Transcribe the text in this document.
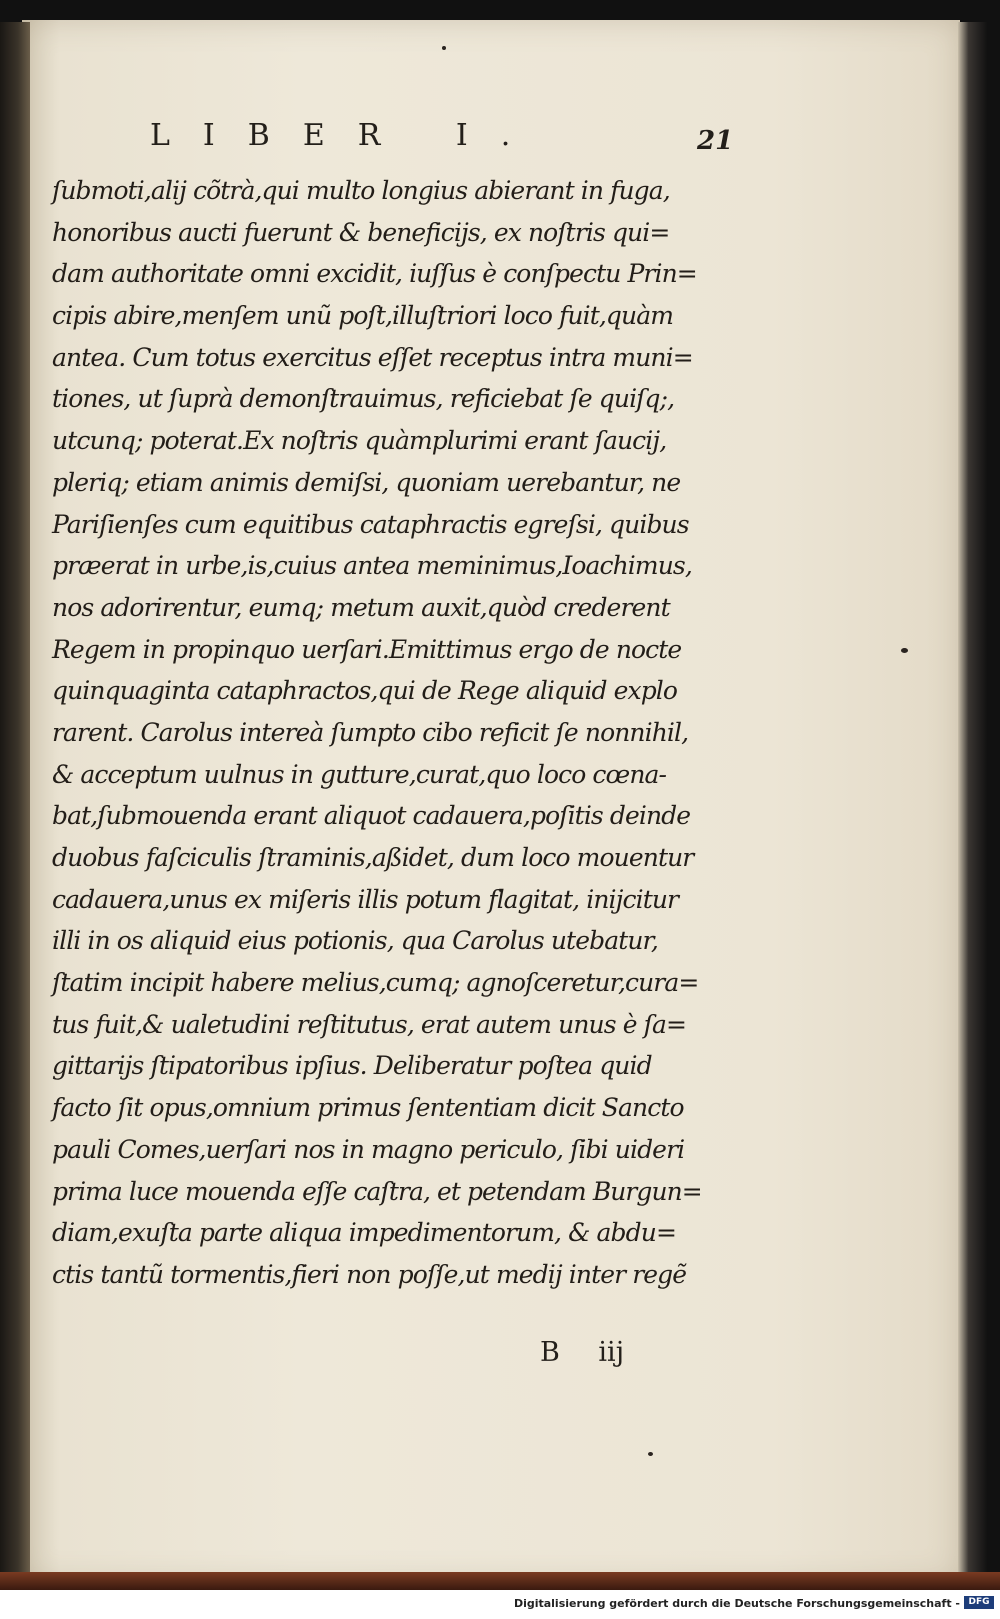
LIBER I.	21
ſubmoti,alij cõtrà,qui multo longius abierant in fuga,
honoribus aucti fuerunt & beneficijs, ex noſtris qui=
dam authoritate omni excidit, iuſſus è conſpectu Prin=
cipis abire,menſem unũ poſt,illuſtriori loco fuit,quàm
antea. Cum totus exercitus eſſet receptus intra muni=
tiones, ut ſuprà demonſtrauimus, reficiebat ſe quiſq;,
utcunq; poterat.Ex noſtris quàmplurimi erant ſaucij,
pleriq; etiam animis demiſsi, quoniam uerebantur, ne
Pariſienſes cum equitibus cataphractis egreſsi, quibus
præerat in urbe,is,cuius antea meminimus,Ioachimus,
nos adorirentur, eumq; metum auxit,quòd crederent
Regem in propinquo uerſari.Emittimus ergo de nocte
quinquaginta cataphractos,qui de Rege aliquid explo
rarent. Carolus intereà ſumpto cibo reficit ſe nonnihil,
& acceptum uulnus in gutture,curat,quo loco cœna-
bat,ſubmouenda erant aliquot cadauera,poſitis deinde
duobus faſciculis ſtraminis,aßidet, dum loco mouentur
cadauera,unus ex miſeris illis potum flagitat, inijcitur
illi in os aliquid eius potionis, qua Carolus utebatur,
ſtatim incipit habere melius,cumq; agnoſceretur,cura=
tus fuit,& ualetudini reſtitutus, erat autem unus è ſa=
gittarijs ſtipatoribus ipſius. Deliberatur poſtea quid
facto ſit opus,omnium primus ſententiam dicit Sancto
pauli Comes,uerſari nos in magno periculo, ſibi uideri
prima luce mouenda eſſe caſtra, et petendam Burgun=
diam,exuſta parte aliqua impedimentorum, & abdu=
ctis tantũ tormentis,fieri non poſſe,ut medij inter regẽ
B iij
Digitalisierung gefördert durch die Deutsche Forschungsgemeinschaft - DFG
